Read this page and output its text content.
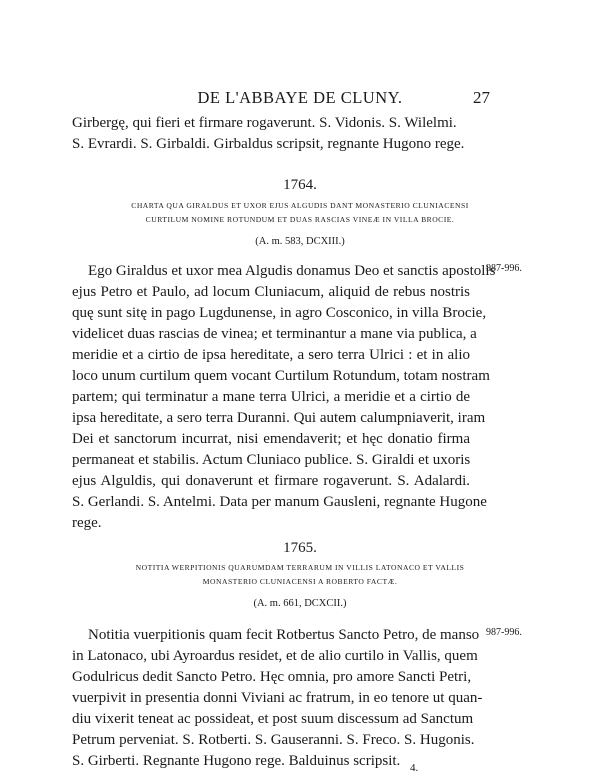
DE L'ABBAYE DE CLUNY.	27
Girbergę, qui fieri et firmare rogaverunt. S. Vidonis. S. Wilelmi.
S. Evrardi. S. Girbaldi. Girbaldus scripsit, regnante Hugono rege.
1764.
CHARTA QUA GIRALDUS ET UXOR EJUS ALGUDIS DANT MONASTERIO CLUNIACENSI
CURTILUM NOMINE ROTUNDUM ET DUAS RASCIAS VINEÆ IN VILLA BROCIE.
(A. m. 583, DCXIII.)
987-996.
Ego Giraldus et uxor mea Algudis donamus Deo et sanctis apostolis
ejus Petro et Paulo, ad locum Cluniacum, aliquid de rebus nostris
quę sunt sitę in pago Lugdunense, in agro Cosconico, in villa Brocie,
videlicet duas rascias de vinea; et terminantur a mane via publica, a
meridie et a cirtio de ipsa hereditate, a sero terra Ulrici : et in alio
loco unum curtilum quem vocant Curtilum Rotundum, totam nostram
partem; qui terminatur a mane terra Ulrici, a meridie et a cirtio de
ipsa hereditate, a sero terra Duranni. Qui autem calumpniaverit, iram
Dei et sanctorum incurrat, nisi emendaverit; et hęc donatio firma
permaneat et stabilis. Actum Cluniaco publice. S. Giraldi et uxoris
ejus Alguldis, qui donaverunt et firmare rogaverunt. S. Adalardi.
S. Gerlandi. S. Antelmi. Data per manum Gausleni, regnante Hugone
rege.
1765.
NOTITIA WERPITIONIS QUARUMDAM TERRARUM IN VILLIS LATONACO ET VALLIS
MONASTERIO CLUNIACENSI A ROBERTO FACTÆ.
(A. m. 661, DCXCII.)
987-996.
Notitia vuerpitionis quam fecit Rotbertus Sancto Petro, de manso
in Latonaco, ubi Ayroardus residet, et de alio curtilo in Vallis, quem
Godulricus dedit Sancto Petro. Hęc omnia, pro amore Sancti Petri,
vuerpivit in presentia donni Viviani ac fratrum, in eo tenore ut quan-
diu vixerit teneat ac possideat, et post suum discessum ad Sanctum
Petrum perveniat. S. Rotberti. S. Gauseranni. S. Freco. S. Hugonis.
S. Girberti. Regnante Hugono rege. Balduinus scripsit. 4.
